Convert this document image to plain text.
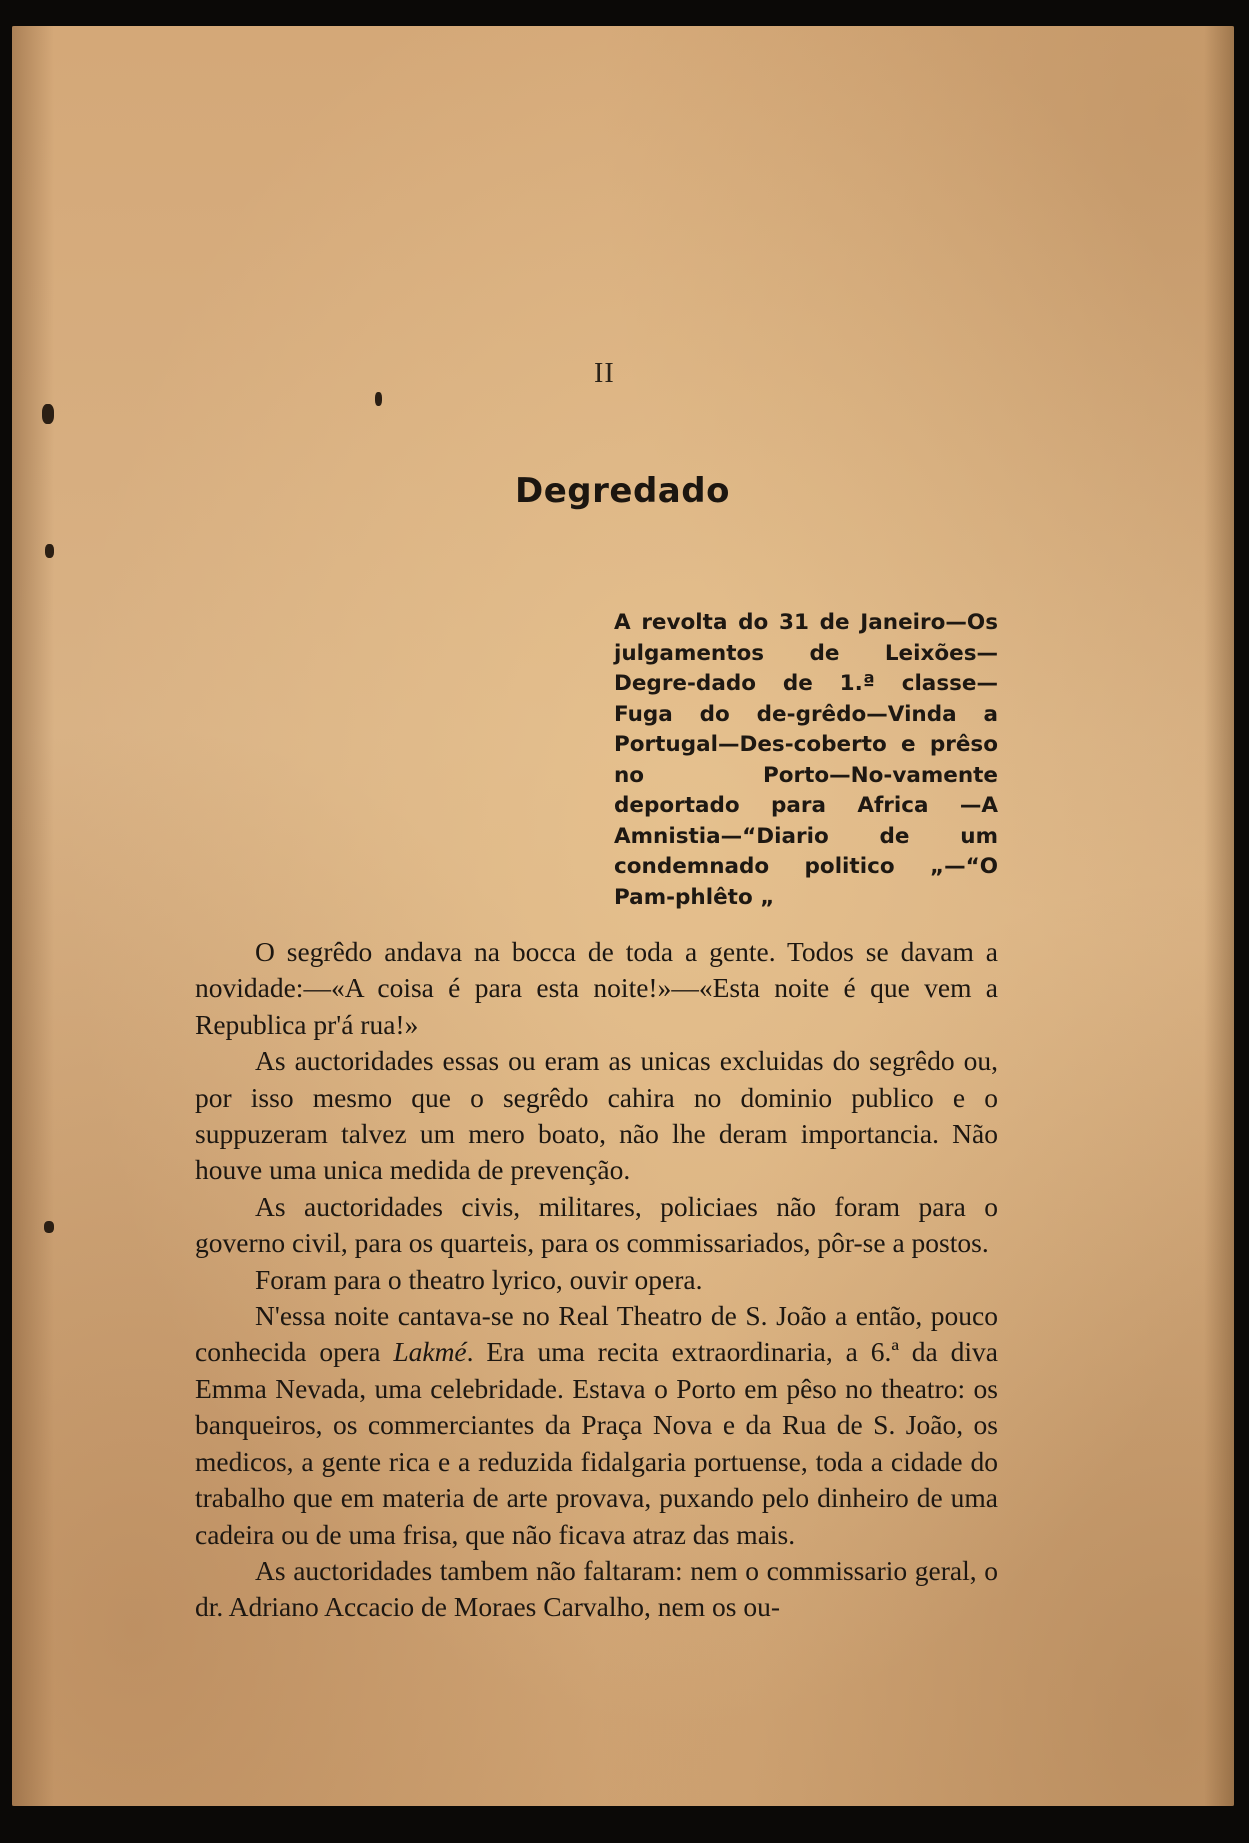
II
Degredado
A revolta do 31 de Janeiro—Os julgamentos de Leixões—Degre-dado de 1.ª classe—Fuga do de-grêdo—Vinda a Portugal—Des-coberto e prêso no Porto—No-vamente deportado para Africa —A Amnistia—“Diario de um condemnado politico „—“O Pam-phlêto „

O segrêdo andava na bocca de toda a gente. Todos se davam a novidade:—«A coisa é para esta noite!»—«Esta noite é que vem a Republica pr'á rua!»

As auctoridades essas ou eram as unicas excluidas do segrêdo ou, por isso mesmo que o segrêdo cahira no dominio publico e o suppuzeram talvez um mero boato, não lhe deram importancia. Não houve uma unica medida de prevenção.

As auctoridades civis, militares, policiaes não foram para o governo civil, para os quarteis, para os commissariados, pôr-se a postos.

Foram para o theatro lyrico, ouvir opera.

N'essa noite cantava-se no Real Theatro de S. João a então, pouco conhecida opera Lakmé. Era uma recita extraordinaria, a 6.ª da diva Emma Nevada, uma celebridade. Estava o Porto em pêso no theatro: os banqueiros, os commerciantes da Praça Nova e da Rua de S. João, os medicos, a gente rica e a reduzida fidalgaria portuense, toda a cidade do trabalho que em materia de arte provava, puxando pelo dinheiro de uma cadeira ou de uma frisa, que não ficava atraz das mais.

As auctoridades tambem não faltaram: nem o commissario geral, o dr. Adriano Accacio de Moraes Carvalho, nem os ou-
